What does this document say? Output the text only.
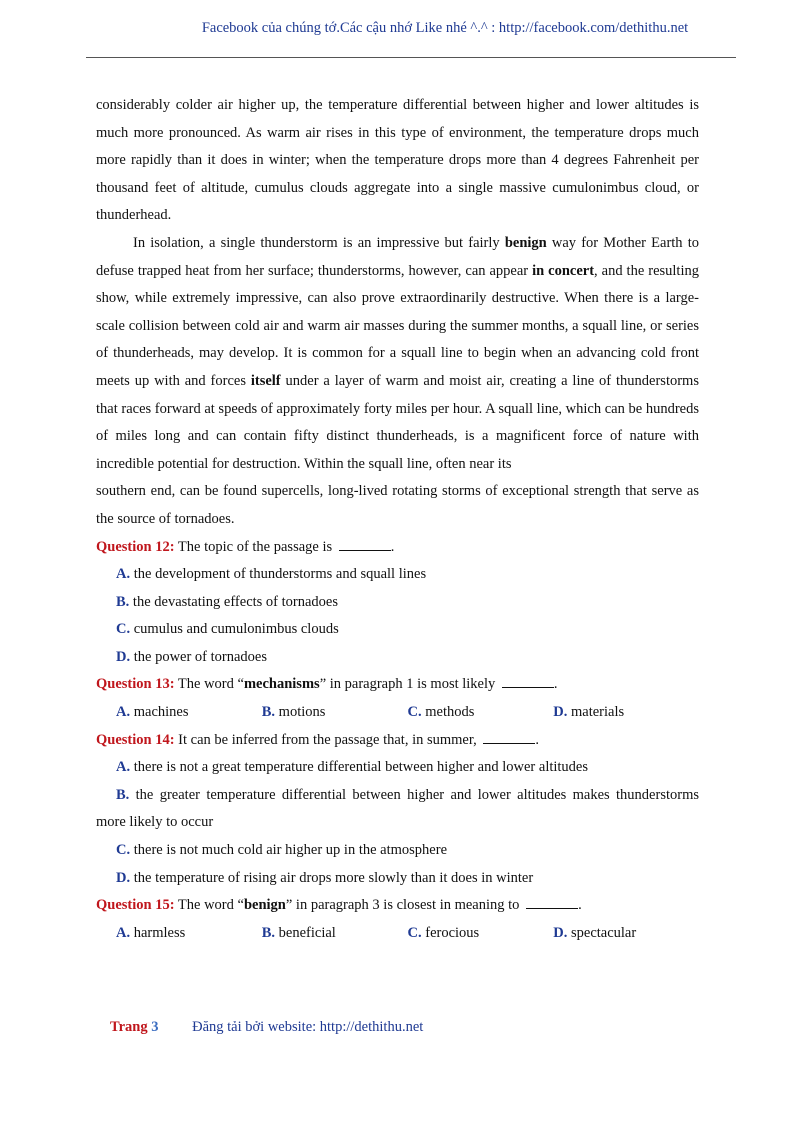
Facebook của chúng tớ.Các cậu nhớ Like nhé ^.^ : http://facebook.com/dethithu.net

considerably colder air higher up, the temperature differential between higher and lower altitudes is much more pronounced. As warm air rises in this type of environment, the temperature drops much more rapidly than it does in winter; when the temperature drops more than 4 degrees Fahrenheit per thousand feet of altitude, cumulus clouds aggregate into a single massive cumulonimbus cloud, or thunderhead.

In isolation, a single thunderstorm is an impressive but fairly benign way for Mother Earth to defuse trapped heat from her surface; thunderstorms, however, can appear in concert, and the resulting show, while extremely impressive, can also prove extraordinarily destructive. When there is a large-scale collision between cold air and warm air masses during the summer months, a squall line, or series of thunderheads, may develop. It is common for a squall line to begin when an advancing cold front meets up with and forces itself under a layer of warm and moist air, creating a line of thunderstorms that races forward at speeds of approximately forty miles per hour. A squall line, which can be hundreds of miles long and can contain fifty distinct thunderheads, is a magnificent force of nature with incredible potential for destruction. Within the squall line, often near its

southern end, can be found supercells, long-lived rotating storms of exceptional strength that serve as the source of tornadoes.

Question 12: The topic of the passage is	.

A. the development of thunderstorms and squall lines

B. the devastating effects of tornadoes

C. cumulus and cumulonimbus clouds

D. the power of tornadoes

Question 13: The word “mechanisms” in paragraph 1 is most likely	.

A. machines	B. motions	C. methods	D. materials

Question 14: It can be inferred from the passage that, in summer,	.

A. there is not a great temperature differential between higher and lower altitudes

B. the greater temperature differential between higher and lower altitudes makes thunderstorms more likely to occur

C. there is not much cold air higher up in the atmosphere

D. the temperature of rising air drops more slowly than it does in winter

Question 15: The word “benign” in paragraph 3 is closest in meaning to	.

A. harmless	B. beneficial	C. ferocious	D. spectacular
Trang 3 Đăng tải bởi website: http://dethithu.net
